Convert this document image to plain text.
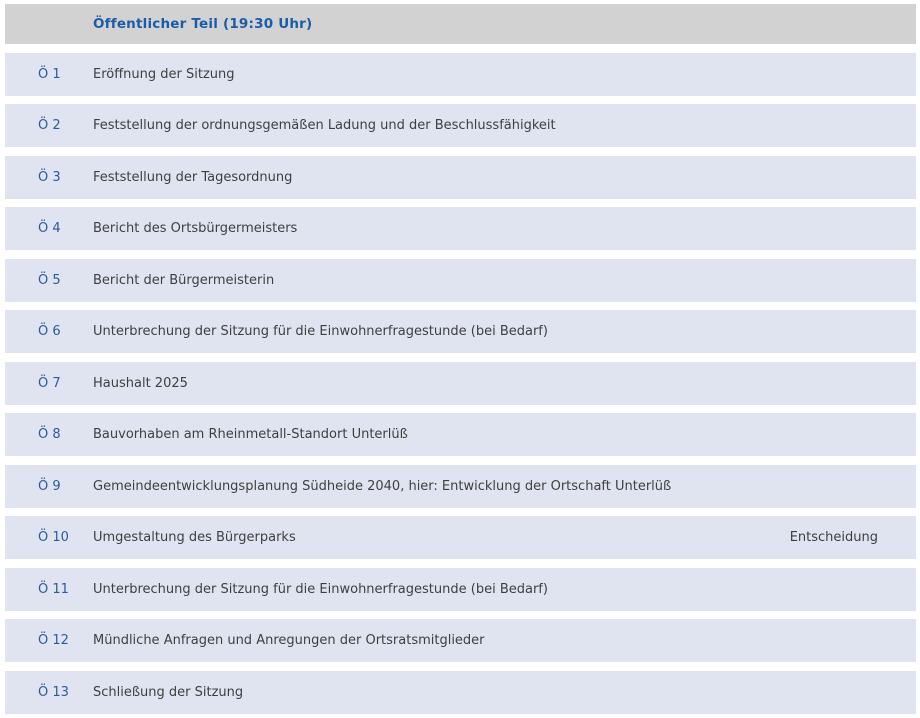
Öffentlicher Teil (19:30 Uhr)
Ö 1	Eröffnung der Sitzung
Ö 2	Feststellung der ordnungsgemäßen Ladung und der Beschlussfähigkeit
Ö 3	Feststellung der Tagesordnung
Ö 4	Bericht des Ortsbürgermeisters
Ö 5	Bericht der Bürgermeisterin
Ö 6	Unterbrechung der Sitzung für die Einwohnerfragestunde (bei Bedarf)
Ö 7	Haushalt 2025
Ö 8	Bauvorhaben am Rheinmetall-Standort Unterlüß
Ö 9	Gemeindeentwicklungsplanung Südheide 2040, hier: Entwicklung der Ortschaft Unterlüß
Ö 10	Umgestaltung des Bürgerparks	Entscheidung
Ö 11	Unterbrechung der Sitzung für die Einwohnerfragestunde (bei Bedarf)
Ö 12	Mündliche Anfragen und Anregungen der Ortsratsmitglieder
Ö 13	Schließung der Sitzung
